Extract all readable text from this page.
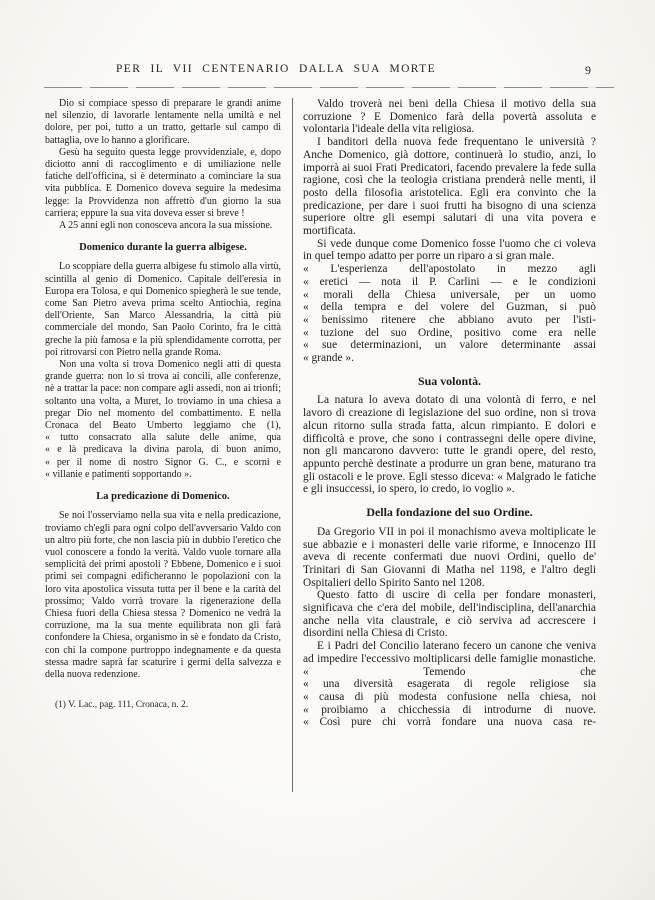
PER IL VII CENTENARIO DALLA SUA MORTE	9
Dio si compiace spesso di preparare le grandi anime nel silenzio, di lavorarle lentamente nella umiltà e nel dolore, per poi, tutto a un tratto, gettarle sul campo di battaglia, ove lo hanno a glorificare.
Gesù ha seguito questa legge provvidenziale, e, dopo diciotto anni di raccoglimento e di umiliazione nelle fatiche dell'officina, si è determinato a cominciare la sua vita pubblica. E Domenico doveva seguire la medesima legge: la Provvidenza non affrettò d'un giorno la sua carriera; eppure la sua vita doveva esser si breve !
A 25 anni egli non conosceva ancora la sua missione.
Domenico durante la guerra albigese.
Lo scoppiare della guerra albigese fu stimolo alla virtù, scintilla al genio di Domenico. Capitale dell'eresia in Europa era Tolosa, e qui Domenico spiegherà le sue tende, come San Pietro aveva prima scelto Antiochia, regina dell'Oriente, San Marco Alessandria, la città più commerciale del mondo, San Paolo Corinto, fra le città greche la più famosa e la più splendidamente corrotta, per poi ritrovarsi con Pietro nella grande Roma.
Non una volta si trova Domenico negli atti di questa grande guerra: non lo si trova ai concili, alle conferenze, nè a trattar la pace: non compare agli assedi, non ai trionfi; soltanto una volta, a Muret, lo troviamo in una chiesa a pregar Dio nel momento del combattimento. E nella Cronaca del Beato Umberto leggiamo che (1),
« tutto consacrato alla salute delle anime, qua
« e là predicava la divina parola, di buon animo,
« per il nome di nostro Signor G. C., e scorni e
« villanie e patimenti sopportando ».
La predicazione di Domenico.
Se noi l'osserviamo nella sua vita e nella predicazione, troviamo ch'egli para ogni colpo dell'avversario Valdo con un altro più forte, che non lascia più in dubbio l'eretico che vuol conoscere a fondo la verità. Valdo vuole tornare alla semplicità dei primi apostoli ? Ebbene, Domenico e i suoi primi sei compagni edificheranno le popolazioni con la loro vita apostolica vissuta tutta per il bene e la carità del prossimo; Valdo vorrà trovare la rigenerazione della Chiesa fuori della Chiesa stessa ? Domenico ne vedrà la corruzione, ma la sua mente equilibrata non gli farà confondere la Chiesa, organismo in sè e fondato da Cristo, con chi la compone purtroppo indegnamente e da questa stessa madre saprà far scaturire i germi della salvezza e della nuova redenzione.
(1) V. Lac., pag. 111, Cronaca, n. 2.
Valdo troverà nei beni della Chiesa il motivo della sua corruzione ? E Domenico farà della povertà assoluta e volontaria l'ideale della vita religiosa.
I banditori della nuova fede frequentano le università ? Anche Domenico, già dottore, continuerà lo studio, anzi, lo imporrà ai suoi Frati Predicatori, facendo prevalere la fede sulla ragione, così che la teologia cristiana prenderà nelle menti, il posto della filosofia aristotelica. Egli era convinto che la predicazione, per dare i suoi frutti ha bisogno di una scienza superiore oltre gli esempi salutari di una vita povera e mortificata.
Si vede dunque come Domenico fosse l'uomo che ci voleva in quel tempo adatto per porre un riparo a si gran male.
« L'esperienza dell'apostolato in mezzo agli
« eretici — nota il P. Carlini — e le condizioni
« morali della Chiesa universale, per un uomo
« della tempra e del volere del Guzman, si può
« benissimo ritenere che abbiano avuto per l'isti-
« tuzione del suo Ordine, positivo come era nelle
« sue determinazioni, un valore determinante assai
« grande ».
Sua volontà.
La natura lo aveva dotato di una volontà di ferro, e nel lavoro di creazione di legislazione del suo ordine, non si trova alcun ritorno sulla strada fatta, alcun rimpianto. E dolori e difficoltà e prove, che sono i contrassegni delle opere divine, non gli mancarono davvero: tutte le grandi opere, del resto, appunto perchè destinate a produrre un gran bene, maturano tra gli ostacoli e le prove. Egli stesso diceva: « Malgrado le fatiche e gli insuccessi, io spero, io credo, io voglio ».
Della fondazione del suo Ordine.
Da Gregorio VII in poi il monachismo aveva moltiplicate le sue abbazie e i monasteri delle varie riforme, e Innocenzo III aveva di recente confermati due nuovi Ordini, quello de' Trinitari di San Giovanni di Matha nel 1198, e l'altro degli Ospitalieri dello Spirito Santo nel 1208.
Questo fatto di uscire di cella per fondare monasteri, significava che c'era del mobile, dell'indisciplina, dell'anarchia anche nella vita claustrale, e ciò serviva ad accrescere i disordini nella Chiesa di Cristo.
E i Padri del Concilio laterano fecero un canone che veniva ad impedire l'eccessivo moltiplicarsi delle famiglie monastiche. « Temendo che
« una diversità esagerata di regole religiose sia
« causa di più modesta confusione nella chiesa, noi
« proibiamo a chicchessia di introdurne di nuove.
« Così pure chi vorrà fondare una nuova casa re-
